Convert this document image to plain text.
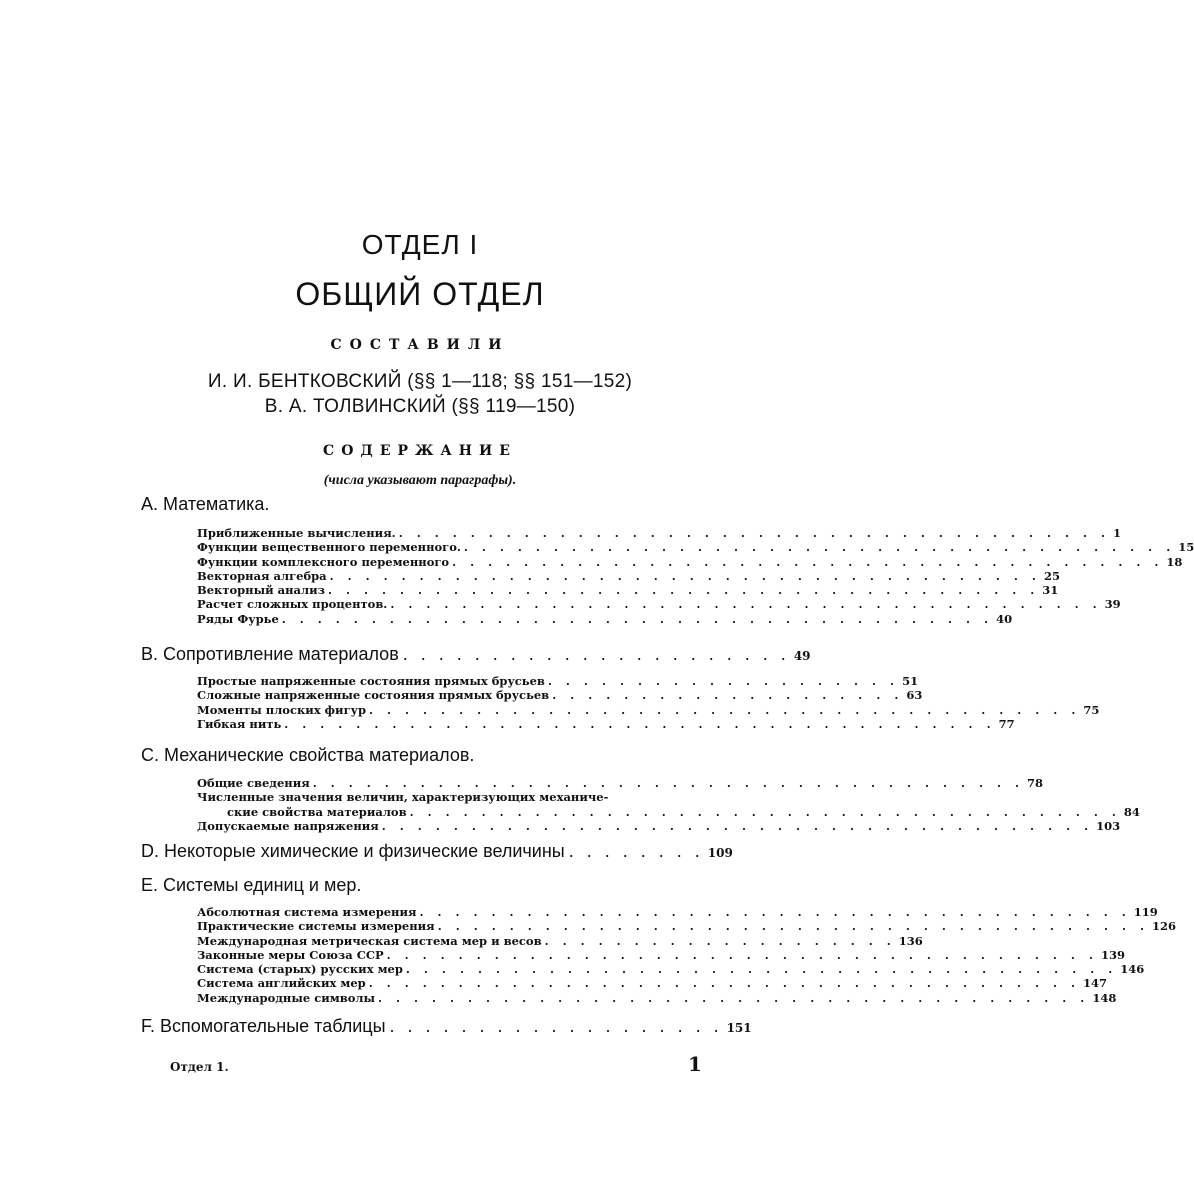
ОТДЕЛ I
ОБЩИЙ ОТДЕЛ
СОСТАВИЛИ
И. И. БЕНТКОВСКИЙ (§§ 1—118; §§ 151—152)
В. А. ТОЛВИНСКИЙ (§§ 119—150)
СОДЕРЖАНИЕ
(числа указывают параграфы).
А. Математика.
Приближенные вычисления. . . . . . . . . . . . . . . . . . . . . . . . . . . . . . . . . . . . . . . . . 1
Функции вещественного переменного. . . . . . . . . . . . . . . . . . . . . . . . . . . . . . . . . . . . . . . . . 15
Функции комплексного переменного . . . . . . . . . . . . . . . . . . . . . . . . . . . . . . . . . . . . . . . . 18
Векторная алгебра . . . . . . . . . . . . . . . . . . . . . . . . . . . . . . . . . . . . . . . . 25
Векторный анализ . . . . . . . . . . . . . . . . . . . . . . . . . . . . . . . . . . . . . . . . 31
Расчет сложных процентов. . . . . . . . . . . . . . . . . . . . . . . . . . . . . . . . . . . . . . . . . 39
Ряды Фурье . . . . . . . . . . . . . . . . . . . . . . . . . . . . . . . . . . . . . . . . 40
В. Сопротивление материалов . . . . . . . . . . . . . . . . . . . . . . 49
Простые напряженные состояния прямых брусьев . . . . . . . . . . . . . . . . . . . . 51
Сложные напряженные состояния прямых брусьев . . . . . . . . . . . . . . . . . . . . 63
Моменты плоских фигур . . . . . . . . . . . . . . . . . . . . . . . . . . . . . . . . . . . . . . . . 75
Гибкая нить . . . . . . . . . . . . . . . . . . . . . . . . . . . . . . . . . . . . . . . . 77
С. Механические свойства материалов.
Общие сведения . . . . . . . . . . . . . . . . . . . . . . . . . . . . . . . . . . . . . . . . 78
Численные значения величин, характеризующих механиче-
ские свойства материалов . . . . . . . . . . . . . . . . . . . . . . . . . . . . . . . . . . . . . . . . 84
Допускаемые напряжения . . . . . . . . . . . . . . . . . . . . . . . . . . . . . . . . . . . . . . . . 103
D. Некоторые химические и физические величины . . . . . . . . 109
Е. Системы единиц и мер.
Абсолютная система измерения . . . . . . . . . . . . . . . . . . . . . . . . . . . . . . . . . . . . . . . . 119
Практические системы измерения . . . . . . . . . . . . . . . . . . . . . . . . . . . . . . . . . . . . . . . . 126
Международная метрическая система мер и весов . . . . . . . . . . . . . . . . . . . . 136
Законные меры Союза ССР . . . . . . . . . . . . . . . . . . . . . . . . . . . . . . . . . . . . . . . . 139
Система (старых) русских мер . . . . . . . . . . . . . . . . . . . . . . . . . . . . . . . . . . . . . . . . 146
Система английских мер . . . . . . . . . . . . . . . . . . . . . . . . . . . . . . . . . . . . . . . . 147
Международные символы . . . . . . . . . . . . . . . . . . . . . . . . . . . . . . . . . . . . . . . . 148
F. Вспомогательные таблицы . . . . . . . . . . . . . . . . . . . 151
Отдел 1.	1
